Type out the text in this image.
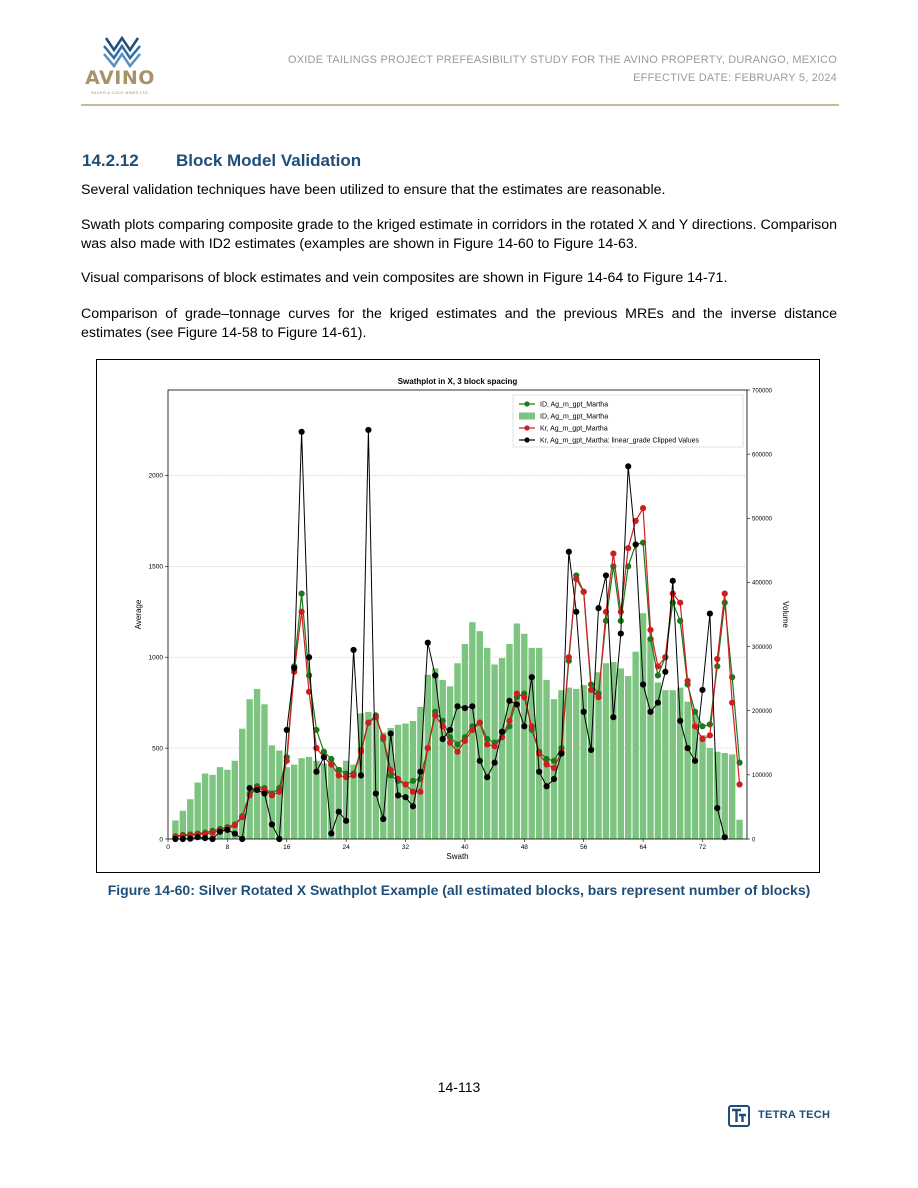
AVINO
SILVER & GOLD MINES LTD.
OXIDE TAILINGS PROJECT PREFEASIBILITY STUDY FOR THE AVINO PROPERTY, DURANGO, MEXICO
EFFECTIVE DATE: FEBRUARY 5, 2024
14.2.12 Block Model Validation
Several validation techniques have been utilized to ensure that the estimates are reasonable.
Swath plots comparing composite grade to the kriged estimate in corridors in the rotated X and Y directions. Comparison was also made with ID2 estimates (examples are shown in Figure 14-60 to Figure 14-63.
Visual comparisons of block estimates and vein composites are shown in Figure 14-64 to Figure 14-71.
Comparison of grade–tonnage curves for the kriged estimates and the previous MREs and the inverse distance estimates (see Figure 14-58 to Figure 14-61).
0	8	16	24	32	40	48	56	64	72
0
500
1000
1500
2000
0
100000
200000
300000
400000
500000
600000
700000
Swathplot in X, 3 block spacing
Swath
Average	Volume
ID, Ag_m_gpt_Martha
ID, Ag_m_gpt_Martha
Kr, Ag_m_gpt_Martha
Kr, Ag_m_gpt_Martha: linear_grade Clipped Values
Figure 14-60: Silver Rotated X Swathplot Example (all estimated blocks, bars represent number of blocks)
14-113
TETRA TECH
